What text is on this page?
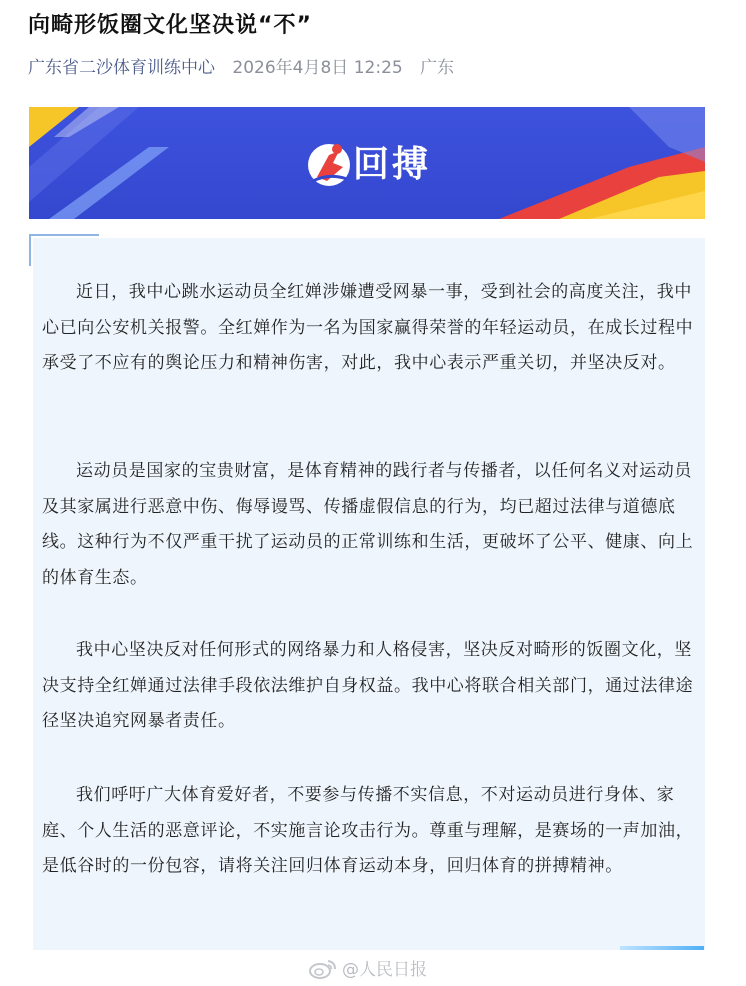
向畸形饭圈文化坚决说“不”
广东省二沙体育训练中心 2026年4月8日 12:25 广东
回搏

近日，我中心跳水运动员全红婵涉嫌遭受网暴一事，受到社会的高度关注，我中心已向公安机关报警。全红婵作为一名为国家赢得荣誉的年轻运动员，在成长过程中承受了不应有的舆论压力和精神伤害，对此，我中心表示严重关切，并坚决反对。

运动员是国家的宝贵财富，是体育精神的践行者与传播者，以任何名义对运动员及其家属进行恶意中伤、侮辱谩骂、传播虚假信息的行为，均已超过法律与道德底线。这种行为不仅严重干扰了运动员的正常训练和生活，更破坏了公平、健康、向上的体育生态。

我中心坚决反对任何形式的网络暴力和人格侵害，坚决反对畸形的饭圈文化，坚决支持全红婵通过法律手段依法维护自身权益。我中心将联合相关部门，通过法律途径坚决追究网暴者责任。

我们呼吁广大体育爱好者，不要参与传播不实信息，不对运动员进行身体、家庭、个人生活的恶意评论，不实施言论攻击行为。尊重与理解，是赛场的一声加油，是低谷时的一份包容，请将关注回归体育运动本身，回归体育的拼搏精神。

@人民日报
